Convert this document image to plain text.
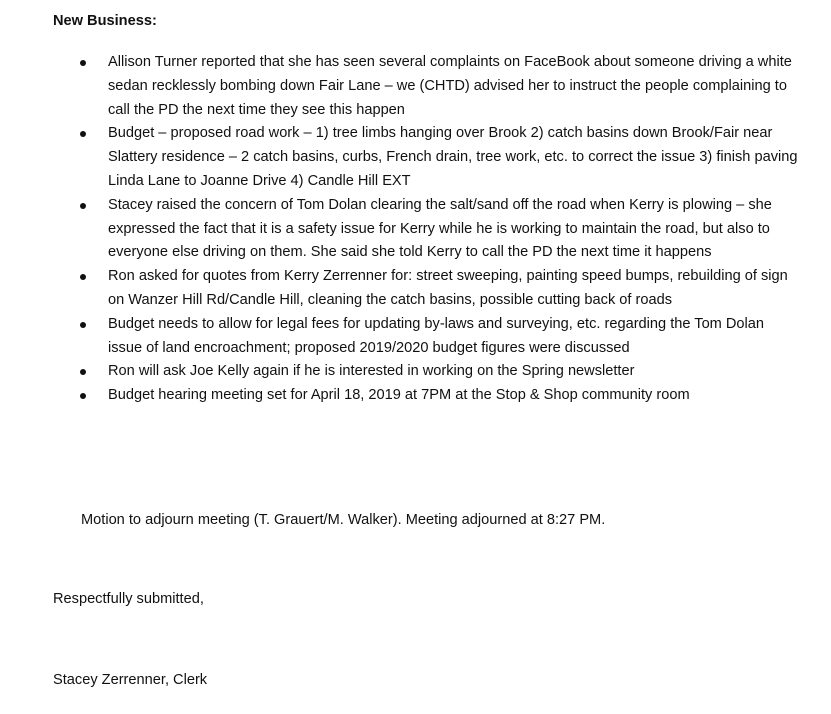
New Business:

Allison Turner reported that she has seen several complaints on FaceBook about someone driving a white sedan recklessly bombing down Fair Lane – we (CHTD) advised her to instruct the people complaining to call the PD the next time they see this happen
Budget – proposed road work – 1) tree limbs hanging over Brook 2) catch basins down Brook/Fair near Slattery residence – 2 catch basins, curbs, French drain, tree work, etc. to correct the issue 3) finish paving Linda Lane to Joanne Drive 4) Candle Hill EXT
Stacey raised the concern of Tom Dolan clearing the salt/sand off the road when Kerry is plowing – she expressed the fact that it is a safety issue for Kerry while he is working to maintain the road, but also to everyone else driving on them. She said she told Kerry to call the PD the next time it happens
Ron asked for quotes from Kerry Zerrenner for: street sweeping, painting speed bumps, rebuilding of sign on Wanzer Hill Rd/Candle Hill, cleaning the catch basins, possible cutting back of roads
Budget needs to allow for legal fees for updating by-laws and surveying, etc. regarding the Tom Dolan issue of land encroachment; proposed 2019/2020 budget figures were discussed
Ron will ask Joe Kelly again if he is interested in working on the Spring newsletter
Budget hearing meeting set for April 18, 2019 at 7PM at the Stop & Shop community room

Motion to adjourn meeting (T. Grauert/M. Walker). Meeting adjourned at 8:27 PM.

Respectfully submitted,

Stacey Zerrenner, Clerk
